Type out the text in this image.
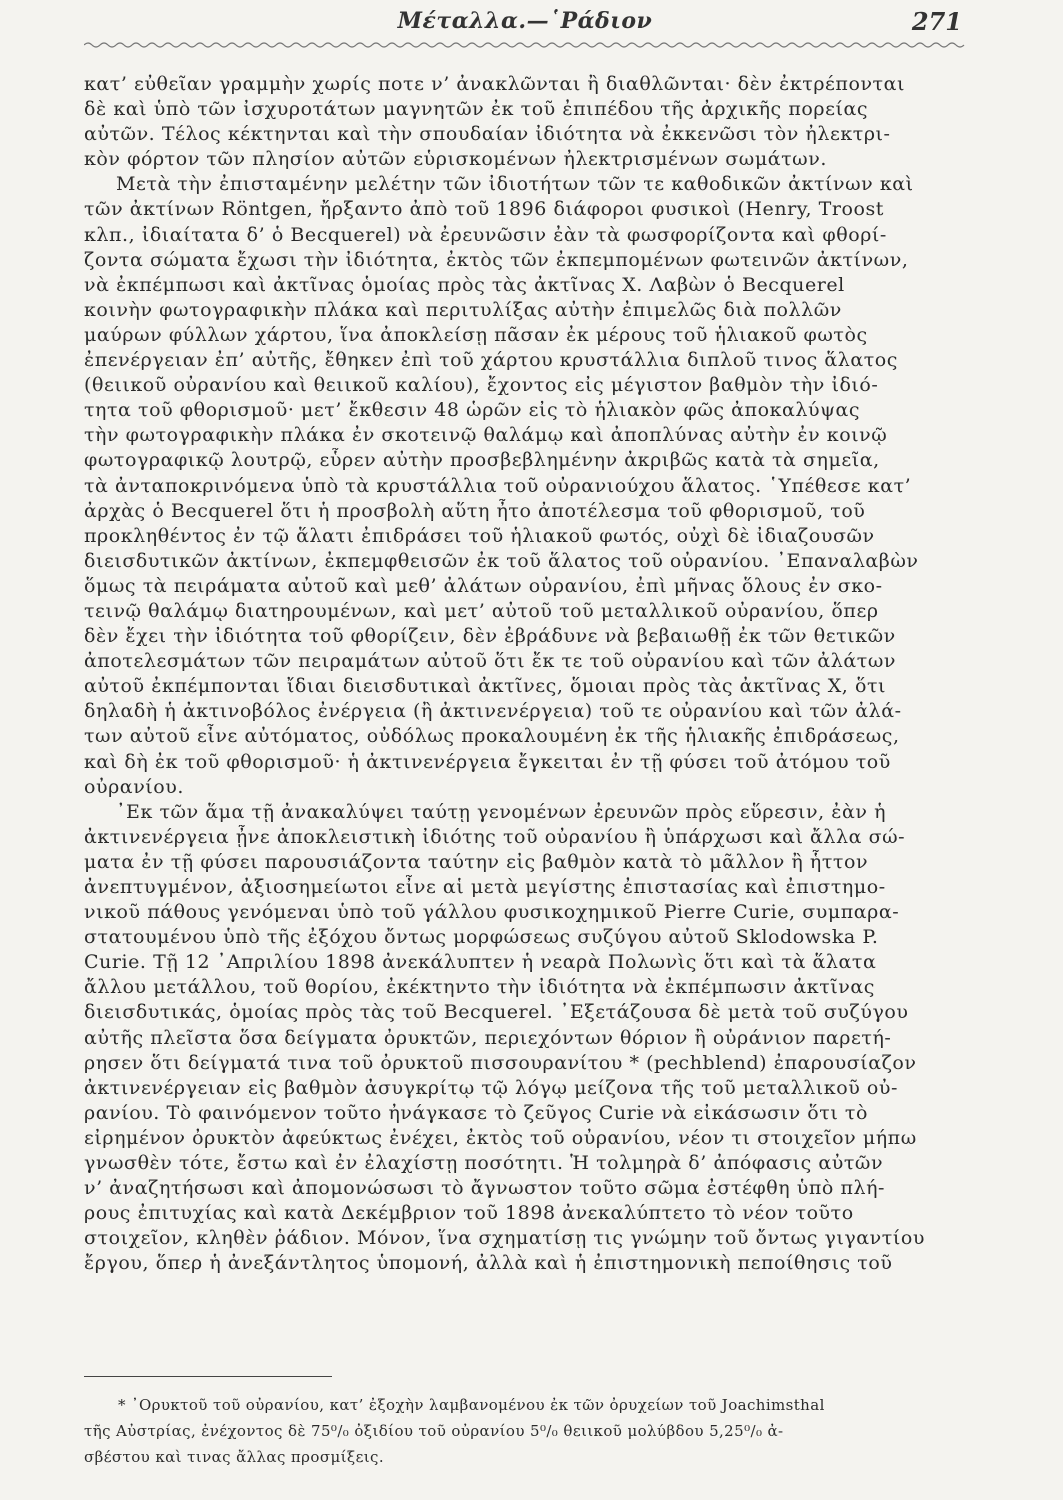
Μέταλλα.—῾Ράδιον	271
κατ’ εὐθεῖαν γραμμὴν χωρίς ποτε ν’ ἀνακλῶνται ἢ διαθλῶνται· δὲν ἐκτρέπονται
δὲ καὶ ὑπὸ τῶν ἰσχυροτάτων μαγνητῶν ἐκ τοῦ ἐπιπέδου τῆς ἀρχικῆς πορείας
αὐτῶν. Τέλος κέκτηνται καὶ τὴν σπουδαίαν ἰδιότητα νὰ ἐκκενῶσι τὸν ἠλεκτρι-
κὸν φόρτον τῶν πλησίον αὐτῶν εὑρισκομένων ἠλεκτρισμένων σωμάτων.
Μετὰ τὴν ἐπισταμένην μελέτην τῶν ἰδιοτήτων τῶν τε καθοδικῶν ἀκτίνων καὶ
τῶν ἀκτίνων Röntgen, ἤρξαντο ἀπὸ τοῦ 1896 διάφοροι φυσικοὶ (Henry, Troost
κλπ., ἰδιαίτατα δ’ ὁ Becquerel) νὰ ἐρευνῶσιν ἐὰν τὰ φωσφορίζοντα καὶ φθορί-
ζοντα σώματα ἔχωσι τὴν ἰδιότητα, ἐκτὸς τῶν ἐκπεμπομένων φωτεινῶν ἀκτίνων,
νὰ ἐκπέμπωσι καὶ ἀκτῖνας ὁμοίας πρὸς τὰς ἀκτῖνας Χ. Λαβὼν ὁ Becquerel
κοινὴν φωτογραφικὴν πλάκα καὶ περιτυλίξας αὐτὴν ἐπιμελῶς διὰ πολλῶν
μαύρων φύλλων χάρτου, ἵνα ἀποκλείσῃ πᾶσαν ἐκ μέρους τοῦ ἡλιακοῦ φωτὸς
ἐπενέργειαν ἐπ’ αὐτῆς, ἔθηκεν ἐπὶ τοῦ χάρτου κρυστάλλια διπλοῦ τινος ἅλατος
(θειικοῦ οὐρανίου καὶ θειικοῦ καλίου), ἔχοντος εἰς μέγιστον βαθμὸν τὴν ἰδιό-
τητα τοῦ φθορισμοῦ· μετ’ ἔκθεσιν 48 ὡρῶν εἰς τὸ ἡλιακὸν φῶς ἀποκαλύψας
τὴν φωτογραφικὴν πλάκα ἐν σκοτεινῷ θαλάμῳ καὶ ἀποπλύνας αὐτὴν ἐν κοινῷ
φωτογραφικῷ λουτρῷ, εὗρεν αὐτὴν προσβεβλημένην ἀκριβῶς κατὰ τὰ σημεῖα,
τὰ ἀνταποκρινόμενα ὑπὸ τὰ κρυστάλλια τοῦ οὐρανιούχου ἅλατος. ῾Υπέθεσε κατ’
ἀρχὰς ὁ Becquerel ὅτι ἡ προσβολὴ αὕτη ἦτο ἀποτέλεσμα τοῦ φθορισμοῦ, τοῦ
προκληθέντος ἐν τῷ ἅλατι ἐπιδράσει τοῦ ἡλιακοῦ φωτός, οὐχὶ δὲ ἰδιαζουσῶν
διεισδυτικῶν ἀκτίνων, ἐκπεμφθεισῶν ἐκ τοῦ ἅλατος τοῦ οὐρανίου. ᾿Επαναλαβὼν
ὅμως τὰ πειράματα αὐτοῦ καὶ μεθ’ ἀλάτων οὐρανίου, ἐπὶ μῆνας ὅλους ἐν σκο-
τεινῷ θαλάμῳ διατηρουμένων, καὶ μετ’ αὐτοῦ τοῦ μεταλλικοῦ οὐρανίου, ὅπερ
δὲν ἔχει τὴν ἰδιότητα τοῦ φθορίζειν, δὲν ἐβράδυνε νὰ βεβαιωθῇ ἐκ τῶν θετικῶν
ἀποτελεσμάτων τῶν πειραμάτων αὐτοῦ ὅτι ἔκ τε τοῦ οὐρανίου καὶ τῶν ἀλάτων
αὐτοῦ ἐκπέμπονται ἴδιαι διεισδυτικαὶ ἀκτῖνες, ὅμοιαι πρὸς τὰς ἀκτῖνας Χ, ὅτι
δηλαδὴ ἡ ἀκτινοβόλος ἐνέργεια (ἢ ἀκτινενέργεια) τοῦ τε οὐρανίου καὶ τῶν ἀλά-
των αὐτοῦ εἶνε αὐτόματος, οὐδόλως προκαλουμένη ἐκ τῆς ἡλιακῆς ἐπιδράσεως,
καὶ δὴ ἐκ τοῦ φθορισμοῦ· ἡ ἀκτινενέργεια ἔγκειται ἐν τῇ φύσει τοῦ ἀτόμου τοῦ
οὐρανίου.
᾿Εκ τῶν ἅμα τῇ ἀνακαλύψει ταύτῃ γενομένων ἐρευνῶν πρὸς εὕρεσιν, ἐὰν ἡ
ἀκτινενέργεια ᾖνε ἀποκλειστικὴ ἰδιότης τοῦ οὐρανίου ἢ ὑπάρχωσι καὶ ἄλλα σώ-
ματα ἐν τῇ φύσει παρουσιάζοντα ταύτην εἰς βαθμὸν κατὰ τὸ μᾶλλον ἢ ἧττον
ἀνεπτυγμένον, ἀξιοσημείωτοι εἶνε αἱ μετὰ μεγίστης ἐπιστασίας καὶ ἐπιστημο-
νικοῦ πάθους γενόμεναι ὑπὸ τοῦ γάλλου φυσικοχημικοῦ Pierre Curie, συμπαρα-
στατουμένου ὑπὸ τῆς ἐξόχου ὄντως μορφώσεως συζύγου αὐτοῦ Sklodowska P.
Curie. Τῇ 12 ᾿Απριλίου 1898 ἀνεκάλυπτεν ἡ νεαρὰ Πολωνὶς ὅτι καὶ τὰ ἅλατα
ἄλλου μετάλλου, τοῦ θορίου, ἐκέκτηντο τὴν ἰδιότητα νὰ ἐκπέμπωσιν ἀκτῖνας
διεισδυτικάς, ὁμοίας πρὸς τὰς τοῦ Becquerel. ᾿Εξετάζουσα δὲ μετὰ τοῦ συζύγου
αὐτῆς πλεῖστα ὅσα δείγματα ὀρυκτῶν, περιεχόντων θόριον ἢ οὐράνιον παρετή-
ρησεν ὅτι δείγματά τινα τοῦ ὀρυκτοῦ πισσουρανίτου * (pechblend) ἐπαρουσίαζον
ἀκτινενέργειαν εἰς βαθμὸν ἀσυγκρίτῳ τῷ λόγῳ μείζονα τῆς τοῦ μεταλλικοῦ οὐ-
ρανίου. Τὸ φαινόμενον τοῦτο ἠνάγκασε τὸ ζεῦγος Curie νὰ εἰκάσωσιν ὅτι τὸ
εἰρημένον ὀρυκτὸν ἀφεύκτως ἐνέχει, ἐκτὸς τοῦ οὐρανίου, νέον τι στοιχεῖον μήπω
γνωσθὲν τότε, ἔστω καὶ ἐν ἐλαχίστῃ ποσότητι. Ἡ τολμηρὰ δ’ ἀπόφασις αὐτῶν
ν’ ἀναζητήσωσι καὶ ἀπομονώσωσι τὸ ἄγνωστον τοῦτο σῶμα ἐστέφθη ὑπὸ πλή-
ρους ἐπιτυχίας καὶ κατὰ Δεκέμβριον τοῦ 1898 ἀνεκαλύπτετο τὸ νέον τοῦτο
στοιχεῖον, κληθὲν ῥάδιον. Μόνον, ἵνα σχηματίσῃ τις γνώμην τοῦ ὄντως γιγαντίου
ἔργου, ὅπερ ἡ ἀνεξάντλητος ὑπομονή, ἀλλὰ καὶ ἡ ἐπιστημονικὴ πεποίθησις τοῦ
* ᾿Ορυκτοῦ τοῦ οὐρανίου, κατ’ ἐξοχὴν λαμβανομένου ἐκ τῶν ὀρυχείων τοῦ Joachimsthal
τῆς Αὐστρίας, ἐνέχοντος δὲ 75⁰/₀ ὀξιδίου τοῦ οὐρανίου 5⁰/₀ θειικοῦ μολύβδου 5,25⁰/₀ ἀ-
σβέστου καὶ τινας ἄλλας προσμίξεις.
